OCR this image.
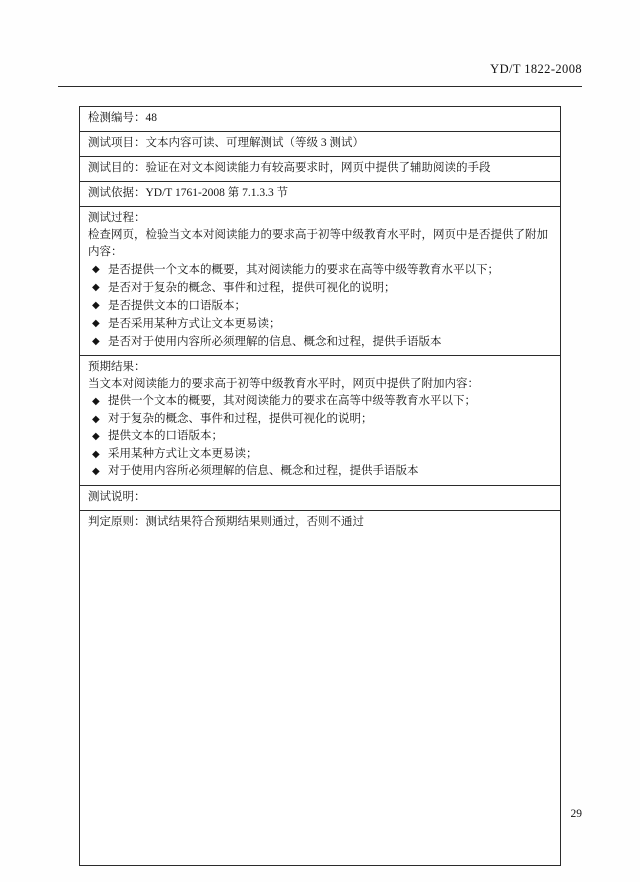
YD/T 1822-2008
检测编号：48
测试项目：文本内容可读、可理解测试（等级 3 测试）
测试目的：验证在对文本阅读能力有较高要求时，网页中提供了辅助阅读的手段
测试依据：YD/T 1761-2008 第 7.1.3.3 节
测试过程：
检查网页，检验当文本对阅读能力的要求高于初等中级教育水平时，网页中是否提供了附加内容：
◆ 是否提供一个文本的概要，其对阅读能力的要求在高等中级等教育水平以下；
◆ 是否对于复杂的概念、事件和过程，提供可视化的说明；
◆ 是否提供文本的口语版本；
◆ 是否采用某种方式让文本更易读；
◆ 是否对于使用内容所必须理解的信息、概念和过程，提供手语版本
预期结果：
当文本对阅读能力的要求高于初等中级教育水平时，网页中提供了附加内容：
◆ 提供一个文本的概要，其对阅读能力的要求在高等中级等教育水平以下；
◆ 对于复杂的概念、事件和过程，提供可视化的说明；
◆ 提供文本的口语版本；
◆ 采用某种方式让文本更易读；
◆ 对于使用内容所必须理解的信息、概念和过程，提供手语版本
测试说明：
判定原则：测试结果符合预期结果则通过，否则不通过
29
